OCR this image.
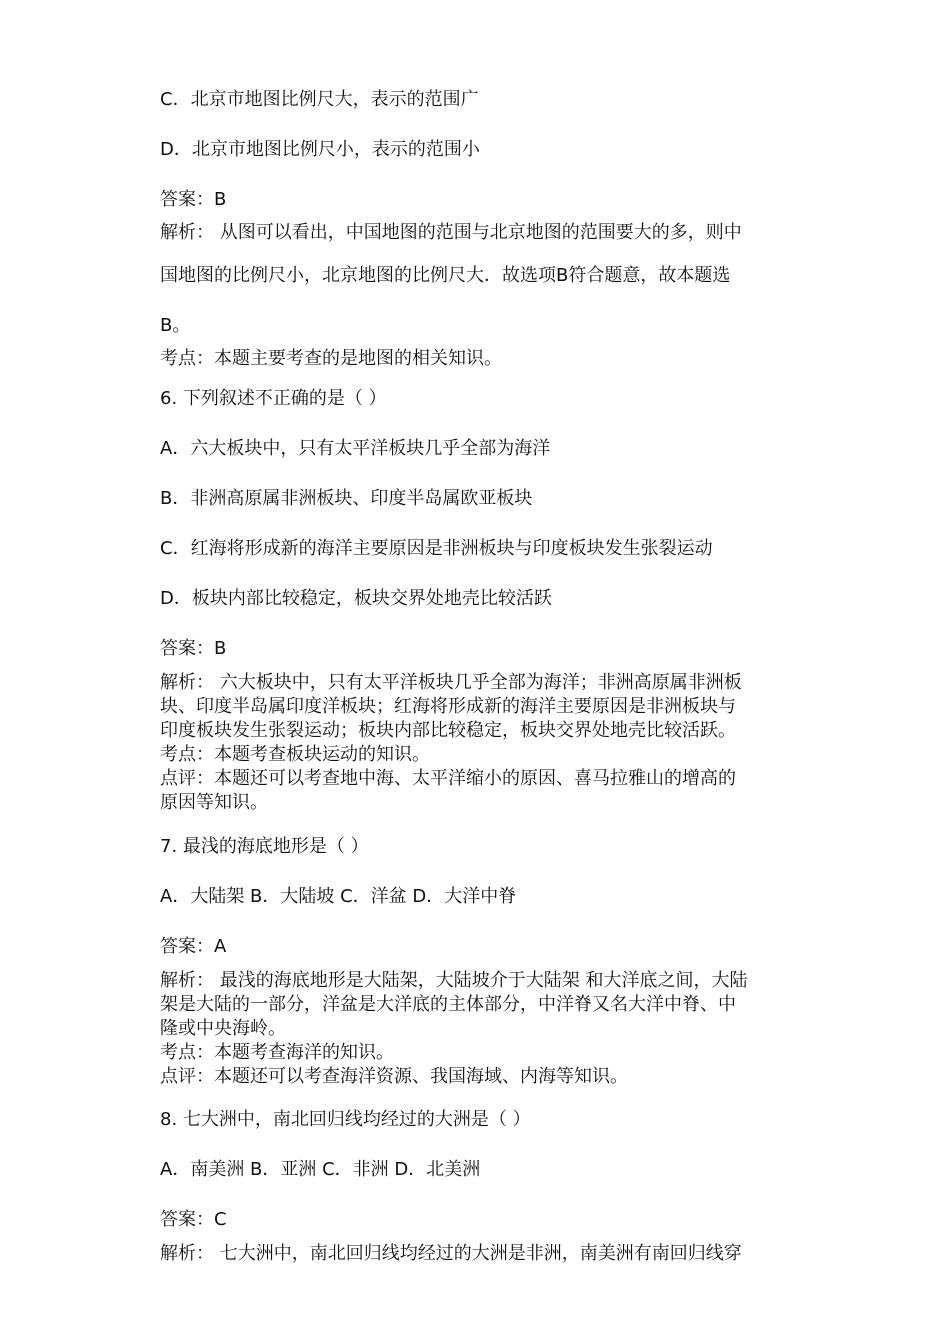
C．北京市地图比例尺大，表示的范围广

D．北京市地图比例尺小，表示的范围小

答案：B

解析： 从图可以看出，中国地图的范围与北京地图的范围要大的多，则中

国地图的比例尺小，北京地图的比例尺大．故选项B符合题意，故本题选

B。

考点：本题主要考查的是地图的相关知识。

6. 下列叙述不正确的是（ ）

A．六大板块中，只有太平洋板块几乎全部为海洋

B．非洲高原属非洲板块、印度半岛属欧亚板块

C．红海将形成新的海洋主要原因是非洲板块与印度板块发生张裂运动

D．板块内部比较稳定，板块交界处地壳比较活跃

答案：B

解析： 六大板块中，只有太平洋板块几乎全部为海洋；非洲高原属非洲板
块、印度半岛属印度洋板块；红海将形成新的海洋主要原因是非洲板块与
印度板块发生张裂运动；板块内部比较稳定，板块交界处地壳比较活跃。

考点：本题考查板块运动的知识。

点评：本题还可以考查地中海、太平洋缩小的原因、喜马拉雅山的增高的
原因等知识。

7. 最浅的海底地形是（ ）

A．大陆架 B．大陆坡 C．洋盆 D．大洋中脊

答案：A

解析： 最浅的海底地形是大陆架，大陆坡介于大陆架 和大洋底之间，大陆
架是大陆的一部分，洋盆是大洋底的主体部分，中洋脊又名大洋中脊、中
隆或中央海岭。

考点：本题考查海洋的知识。

点评：本题还可以考查海洋资源、我国海域、内海等知识。

8. 七大洲中，南北回归线均经过的大洲是（ ）

A．南美洲 B．亚洲 C．非洲 D．北美洲

答案：C

解析： 七大洲中，南北回归线均经过的大洲是非洲，南美洲有南回归线穿
